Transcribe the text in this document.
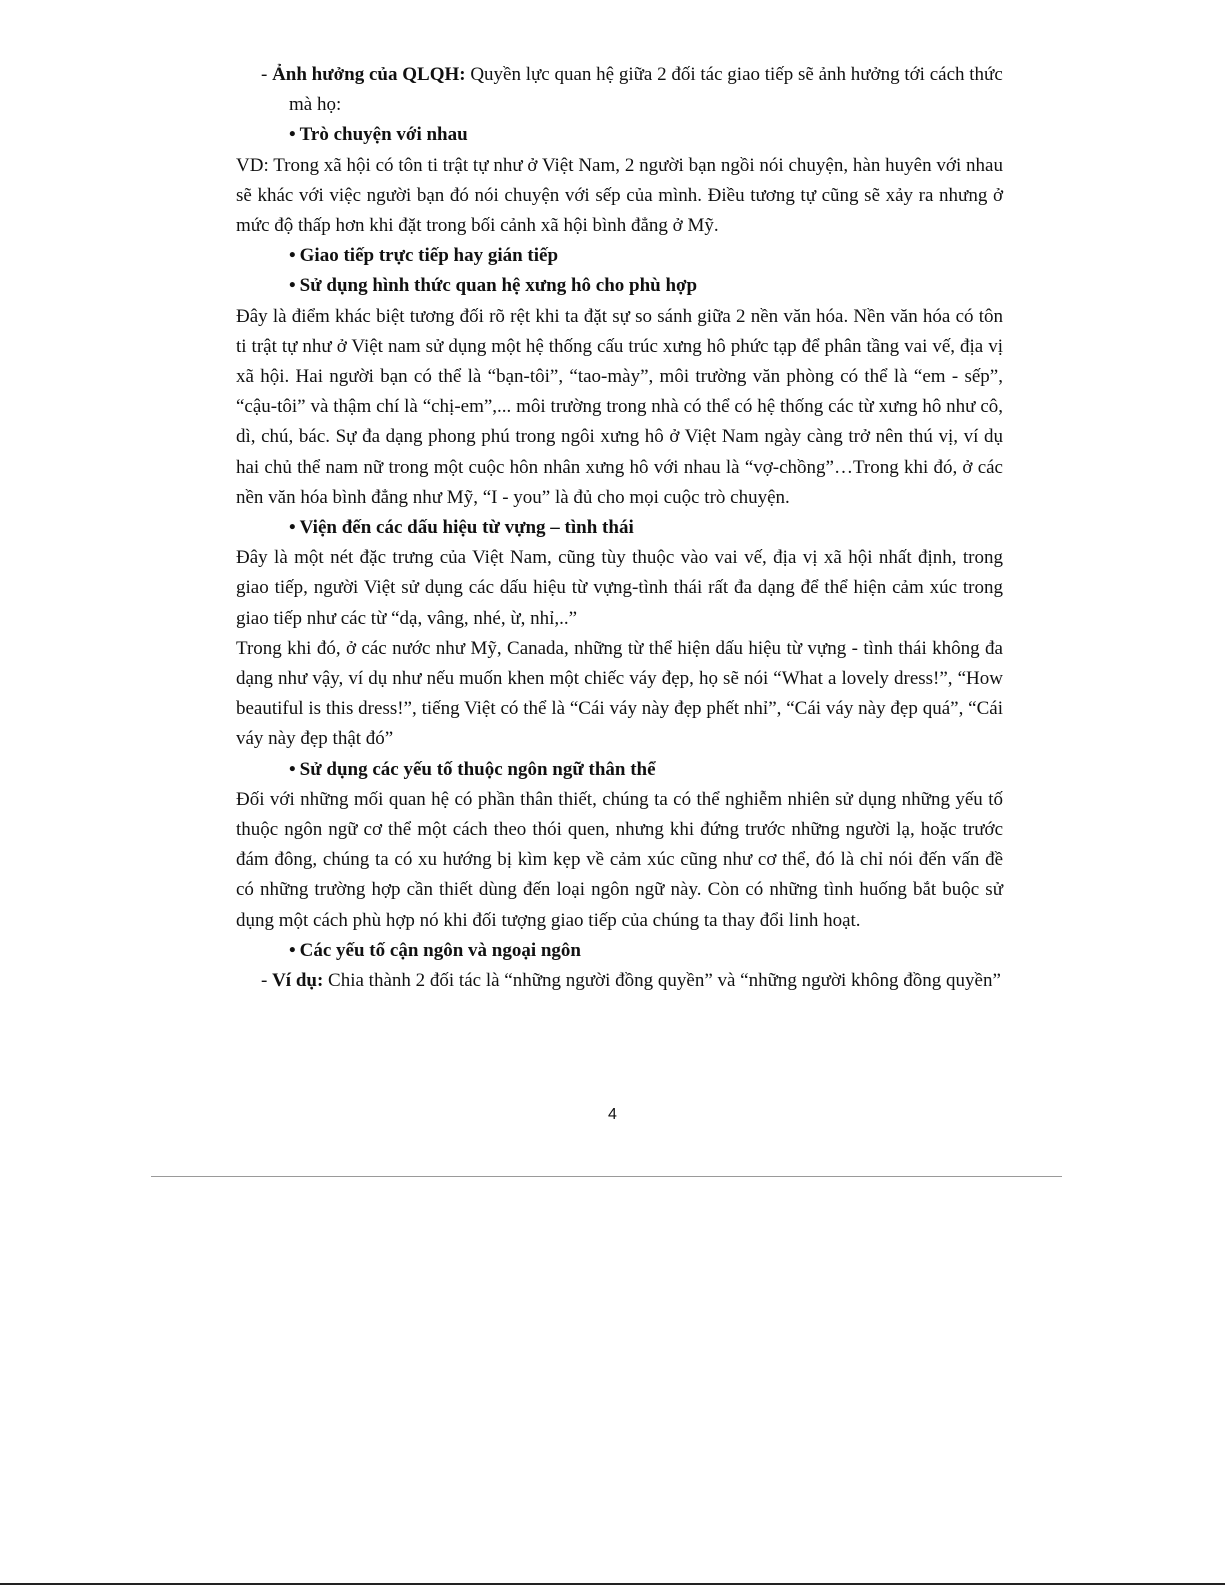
- Ảnh hưởng của QLQH: Quyền lực quan hệ giữa 2 đối tác giao tiếp sẽ ảnh hưởng tới cách thức mà họ:

• Trò chuyện với nhau

VD: Trong xã hội có tôn ti trật tự như ở Việt Nam, 2 người bạn ngồi nói chuyện, hàn huyên với nhau sẽ khác với việc người bạn đó nói chuyện với sếp của mình. Điều tương tự cũng sẽ xảy ra nhưng ở mức độ thấp hơn khi đặt trong bối cảnh xã hội bình đẳng ở Mỹ.

• Giao tiếp trực tiếp hay gián tiếp

• Sử dụng hình thức quan hệ xưng hô cho phù hợp

Đây là điểm khác biệt tương đối rõ rệt khi ta đặt sự so sánh giữa 2 nền văn hóa. Nền văn hóa có tôn ti trật tự như ở Việt nam sử dụng một hệ thống cấu trúc xưng hô phức tạp để phân tầng vai vế, địa vị xã hội. Hai người bạn có thể là “bạn-tôi”, “tao-mày”, môi trường văn phòng có thể là “em - sếp”, “cậu-tôi” và thậm chí là “chị-em”,... môi trường trong nhà có thể có hệ thống các từ xưng hô như cô, dì, chú, bác. Sự đa dạng phong phú trong ngôi xưng hô ở Việt Nam ngày càng trở nên thú vị, ví dụ hai chủ thể nam nữ trong một cuộc hôn nhân xưng hô với nhau là “vợ-chồng”…Trong khi đó, ở các nền văn hóa bình đẳng như Mỹ, “I - you” là đủ cho mọi cuộc trò chuyện.

• Viện đến các dấu hiệu từ vựng – tình thái

Đây là một nét đặc trưng của Việt Nam, cũng tùy thuộc vào vai vế, địa vị xã hội nhất định, trong giao tiếp, người Việt sử dụng các dấu hiệu từ vựng-tình thái rất đa dạng để thể hiện cảm xúc trong giao tiếp như các từ “dạ, vâng, nhé, ừ, nhỉ,..”

Trong khi đó, ở các nước như Mỹ, Canada, những từ thể hiện dấu hiệu từ vựng - tình thái không đa dạng như vậy, ví dụ như nếu muốn khen một chiếc váy đẹp, họ sẽ nói “What a lovely dress!”, “How beautiful is this dress!”, tiếng Việt có thể là “Cái váy này đẹp phết nhỉ”, “Cái váy này đẹp quá”, “Cái váy này đẹp thật đó”

• Sử dụng các yếu tố thuộc ngôn ngữ thân thể

Đối với những mối quan hệ có phần thân thiết, chúng ta có thể nghiễm nhiên sử dụng những yếu tố thuộc ngôn ngữ cơ thể một cách theo thói quen, nhưng khi đứng trước những người lạ, hoặc trước đám đông, chúng ta có xu hướng bị kìm kẹp về cảm xúc cũng như cơ thể, đó là chỉ nói đến vấn đề có những trường hợp cần thiết dùng đến loại ngôn ngữ này. Còn có những tình huống bắt buộc sử dụng một cách phù hợp nó khi đối tượng giao tiếp của chúng ta thay đổi linh hoạt.

• Các yếu tố cận ngôn và ngoại ngôn

- Ví dụ: Chia thành 2 đối tác là “những người đồng quyền” và “những người không đồng quyền”

4
